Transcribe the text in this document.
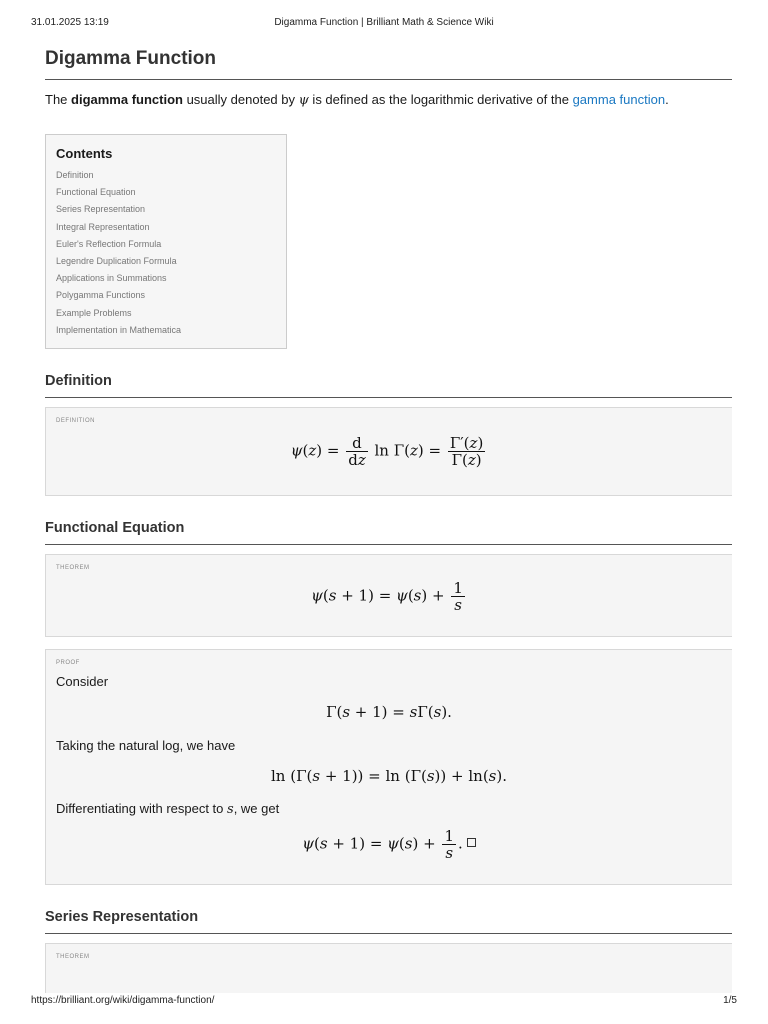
31.01.2025 13:19	Digamma Function | Brilliant Math & Science Wiki
Digamma Function

The digamma function usually denoted by ψ is defined as the logarithmic derivative of the gamma function.

Contents
Definition
Functional Equation
Series Representation
Integral Representation
Euler's Reflection Formula
Legendre Duplication Formula
Applications in Summations
Polygamma Functions
Example Problems
Implementation in Mathematica
Definition
DEFINITION
$\psi(z) = \frac{d}{dz}$ $\ln \Gamma(z) = \frac{\Gamma'(z)}{\Gamma(z)}$
Functional Equation
THEOREM
$\psi(s + 1) = \psi(s) + \frac{1}{s}$
PROOF
Consider
Γ(s + 1) = sΓ(s).
Taking the natural log, we have
ln (Γ(s + 1)) = ln (Γ(s)) + ln(s).
Differentiating with respect to s, we get
$\psi(s + 1) = \psi(s) + \frac{1}{s}$ .
Series Representation
THEOREM
https://brilliant.org/wiki/digamma-function/	1/5
